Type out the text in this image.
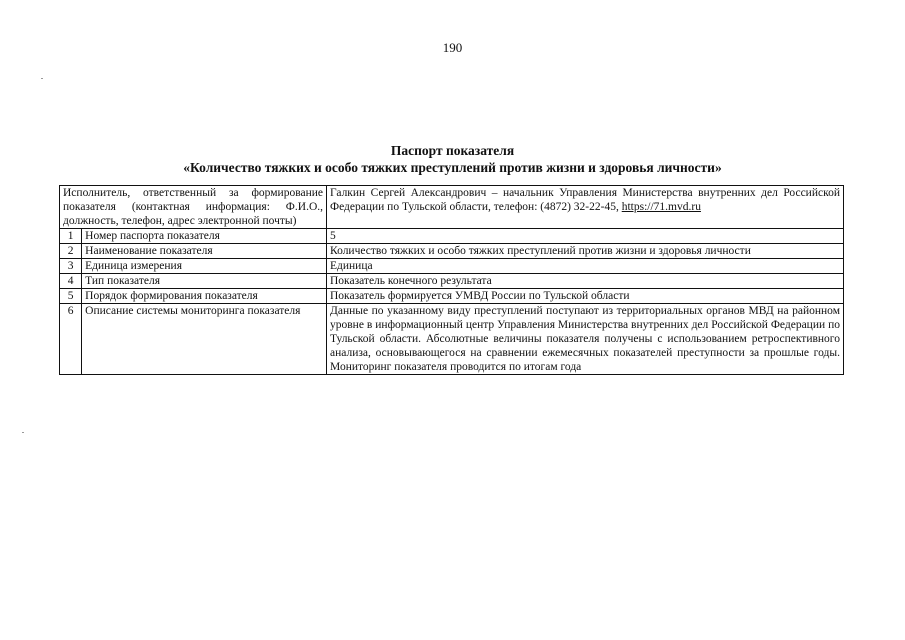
190
Паспорт показателя
«Количество тяжких и особо тяжких преступлений против жизни и здоровья личности»
Исполнитель, ответственный за формирование показателя (контактная информация: Ф.И.О., должность, телефон, адрес электронной почты)		Галкин Сергей Александрович – начальник Управления Министерства внутренних дел Российской Федерации по Тульской области, телефон: (4872) 32-22-45, https://71.mvd.ru
1	Номер паспорта показателя	5
2	Наименование показателя	Количество тяжких и особо тяжких преступлений против жизни и здоровья личности
3	Единица измерения	Единица
4	Тип показателя	Показатель конечного результата
5	Порядок формирования показателя	Показатель формируется УМВД России по Тульской области
6	Описание системы мониторинга показателя	Данные по указанному виду преступлений поступают из территориальных органов МВД на районном уровне в информационный центр Управления Министерства внутренних дел Российской Федерации по Тульской области. Абсолютные величины показателя получены с использованием ретроспективного анализа, основывающегося на сравнении ежемесячных показателей преступности за прошлые годы. Мониторинг показателя проводится по итогам года
